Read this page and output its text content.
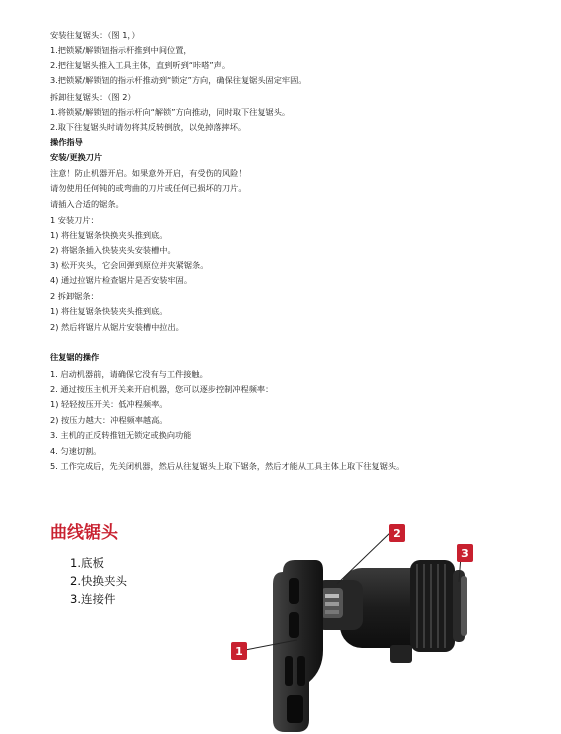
安装往复锯头：（图 1，）
1.把锁紧/解锁钮指示杆推到中间位置，
2.把往复锯头推入工具主体，直到听到“咔嗒”声。
3.把锁紧/解锁钮的指示杆推动到“锁定”方向，确保往复锯头固定牢固。
拆卸往复锯头：（图 2）
1.将锁紧/解锁钮的指示杆向“解锁”方向推动，同时取下往复锯头。
2.取下往复锯头时请勿将其反转倒放，以免掉落摔坏。
操作指导
安装/更换刀片
注意！防止机器开启。如果意外开启，有受伤的风险！
请勿使用任何钝的或弯曲的刀片或任何已损坏的刀片。
请插入合适的锯条。
1 安装刀片：
1) 将往复锯条快换夹头推到底。
2) 将锯条插入快装夹头安装槽中。
3) 松开夹头，它会回弹到原位并夹紧锯条。
4) 通过拉锯片检查锯片是否安装牢固。
2 拆卸锯条：
1) 将往复锯条快装夹头推到底。
2) 然后将锯片从锯片安装槽中拉出。
往复锯的操作
1. 启动机器前，请确保它没有与工件接触。
2. 通过按压主机开关来开启机器，您可以逐步控制冲程频率：
1) 轻轻按压开关：低冲程频率。
2) 按压力越大：冲程频率越高。
3. 主机的正反转推钮无锁定或换向功能
4. 匀速切割。
5. 工作完成后，先关闭机器，然后从往复锯头上取下锯条，然后才能从工具主体上取下往复锯头。
曲线锯头
1.底板
2.快换夹头
3.连接件
1
2
3
